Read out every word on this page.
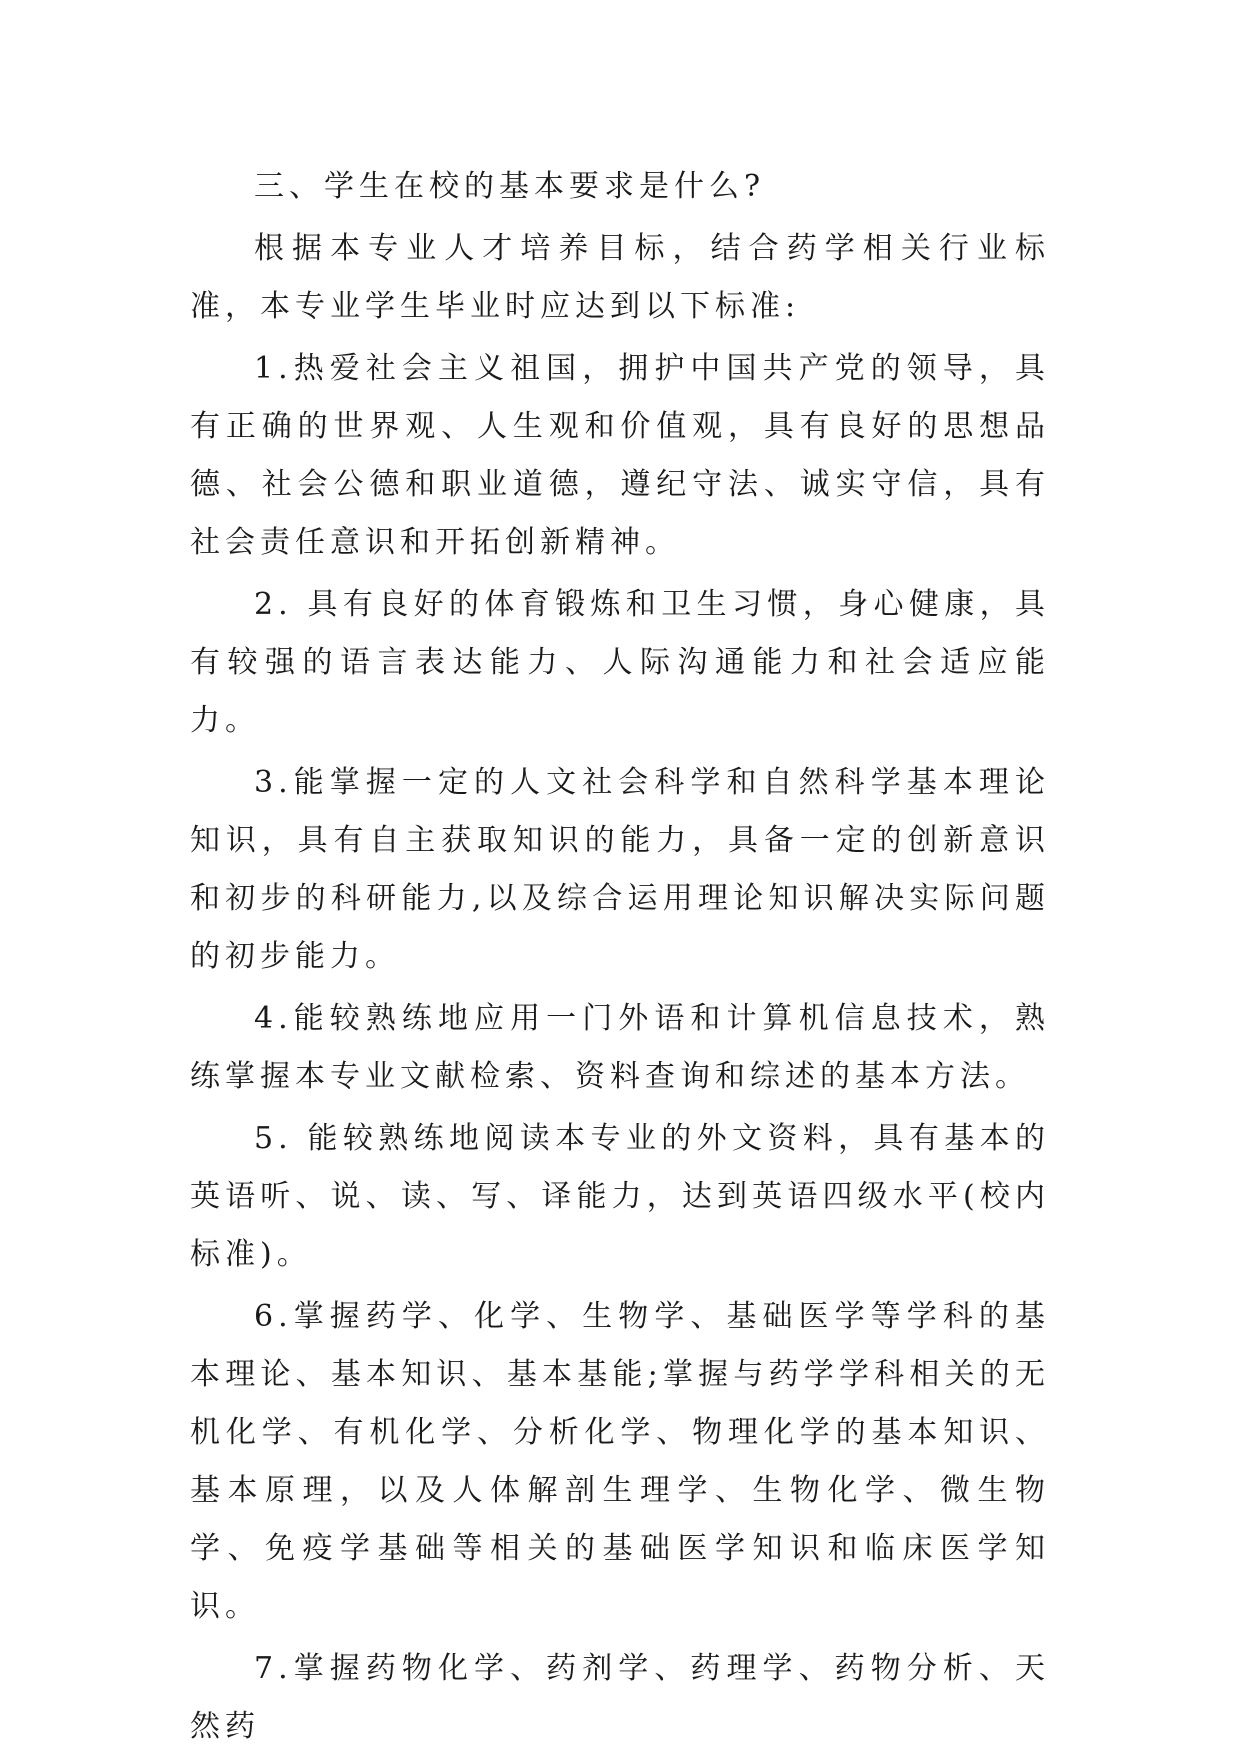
三、学生在校的基本要求是什么?

根据本专业人才培养目标，结合药学相关行业标准，本专业学生毕业时应达到以下标准:

1.热爱社会主义祖国，拥护中国共产党的领导，具有正确的世界观、人生观和价值观，具有良好的思想品德、社会公德和职业道德，遵纪守法、诚实守信，具有社会责任意识和开拓创新精神。

2. 具有良好的体育锻炼和卫生习惯，身心健康，具有较强的语言表达能力、人际沟通能力和社会适应能力。

3.能掌握一定的人文社会科学和自然科学基本理论知识，具有自主获取知识的能力，具备一定的创新意识和初步的科研能力,以及综合运用理论知识解决实际问题的初步能力。

4.能较熟练地应用一门外语和计算机信息技术，熟练掌握本专业文献检索、资料查询和综述的基本方法。

5. 能较熟练地阅读本专业的外文资料，具有基本的英语听、说、读、写、译能力，达到英语四级水平(校内标准)。

6.掌握药学、化学、生物学、基础医学等学科的基本理论、基本知识、基本基能;掌握与药学学科相关的无机化学、有机化学、分析化学、物理化学的基本知识、基本原理，以及人体解剖生理学、生物化学、微生物学、免疫学基础等相关的基础医学知识和临床医学知识。

7.掌握药物化学、药剂学、药理学、药物分析、天然药
